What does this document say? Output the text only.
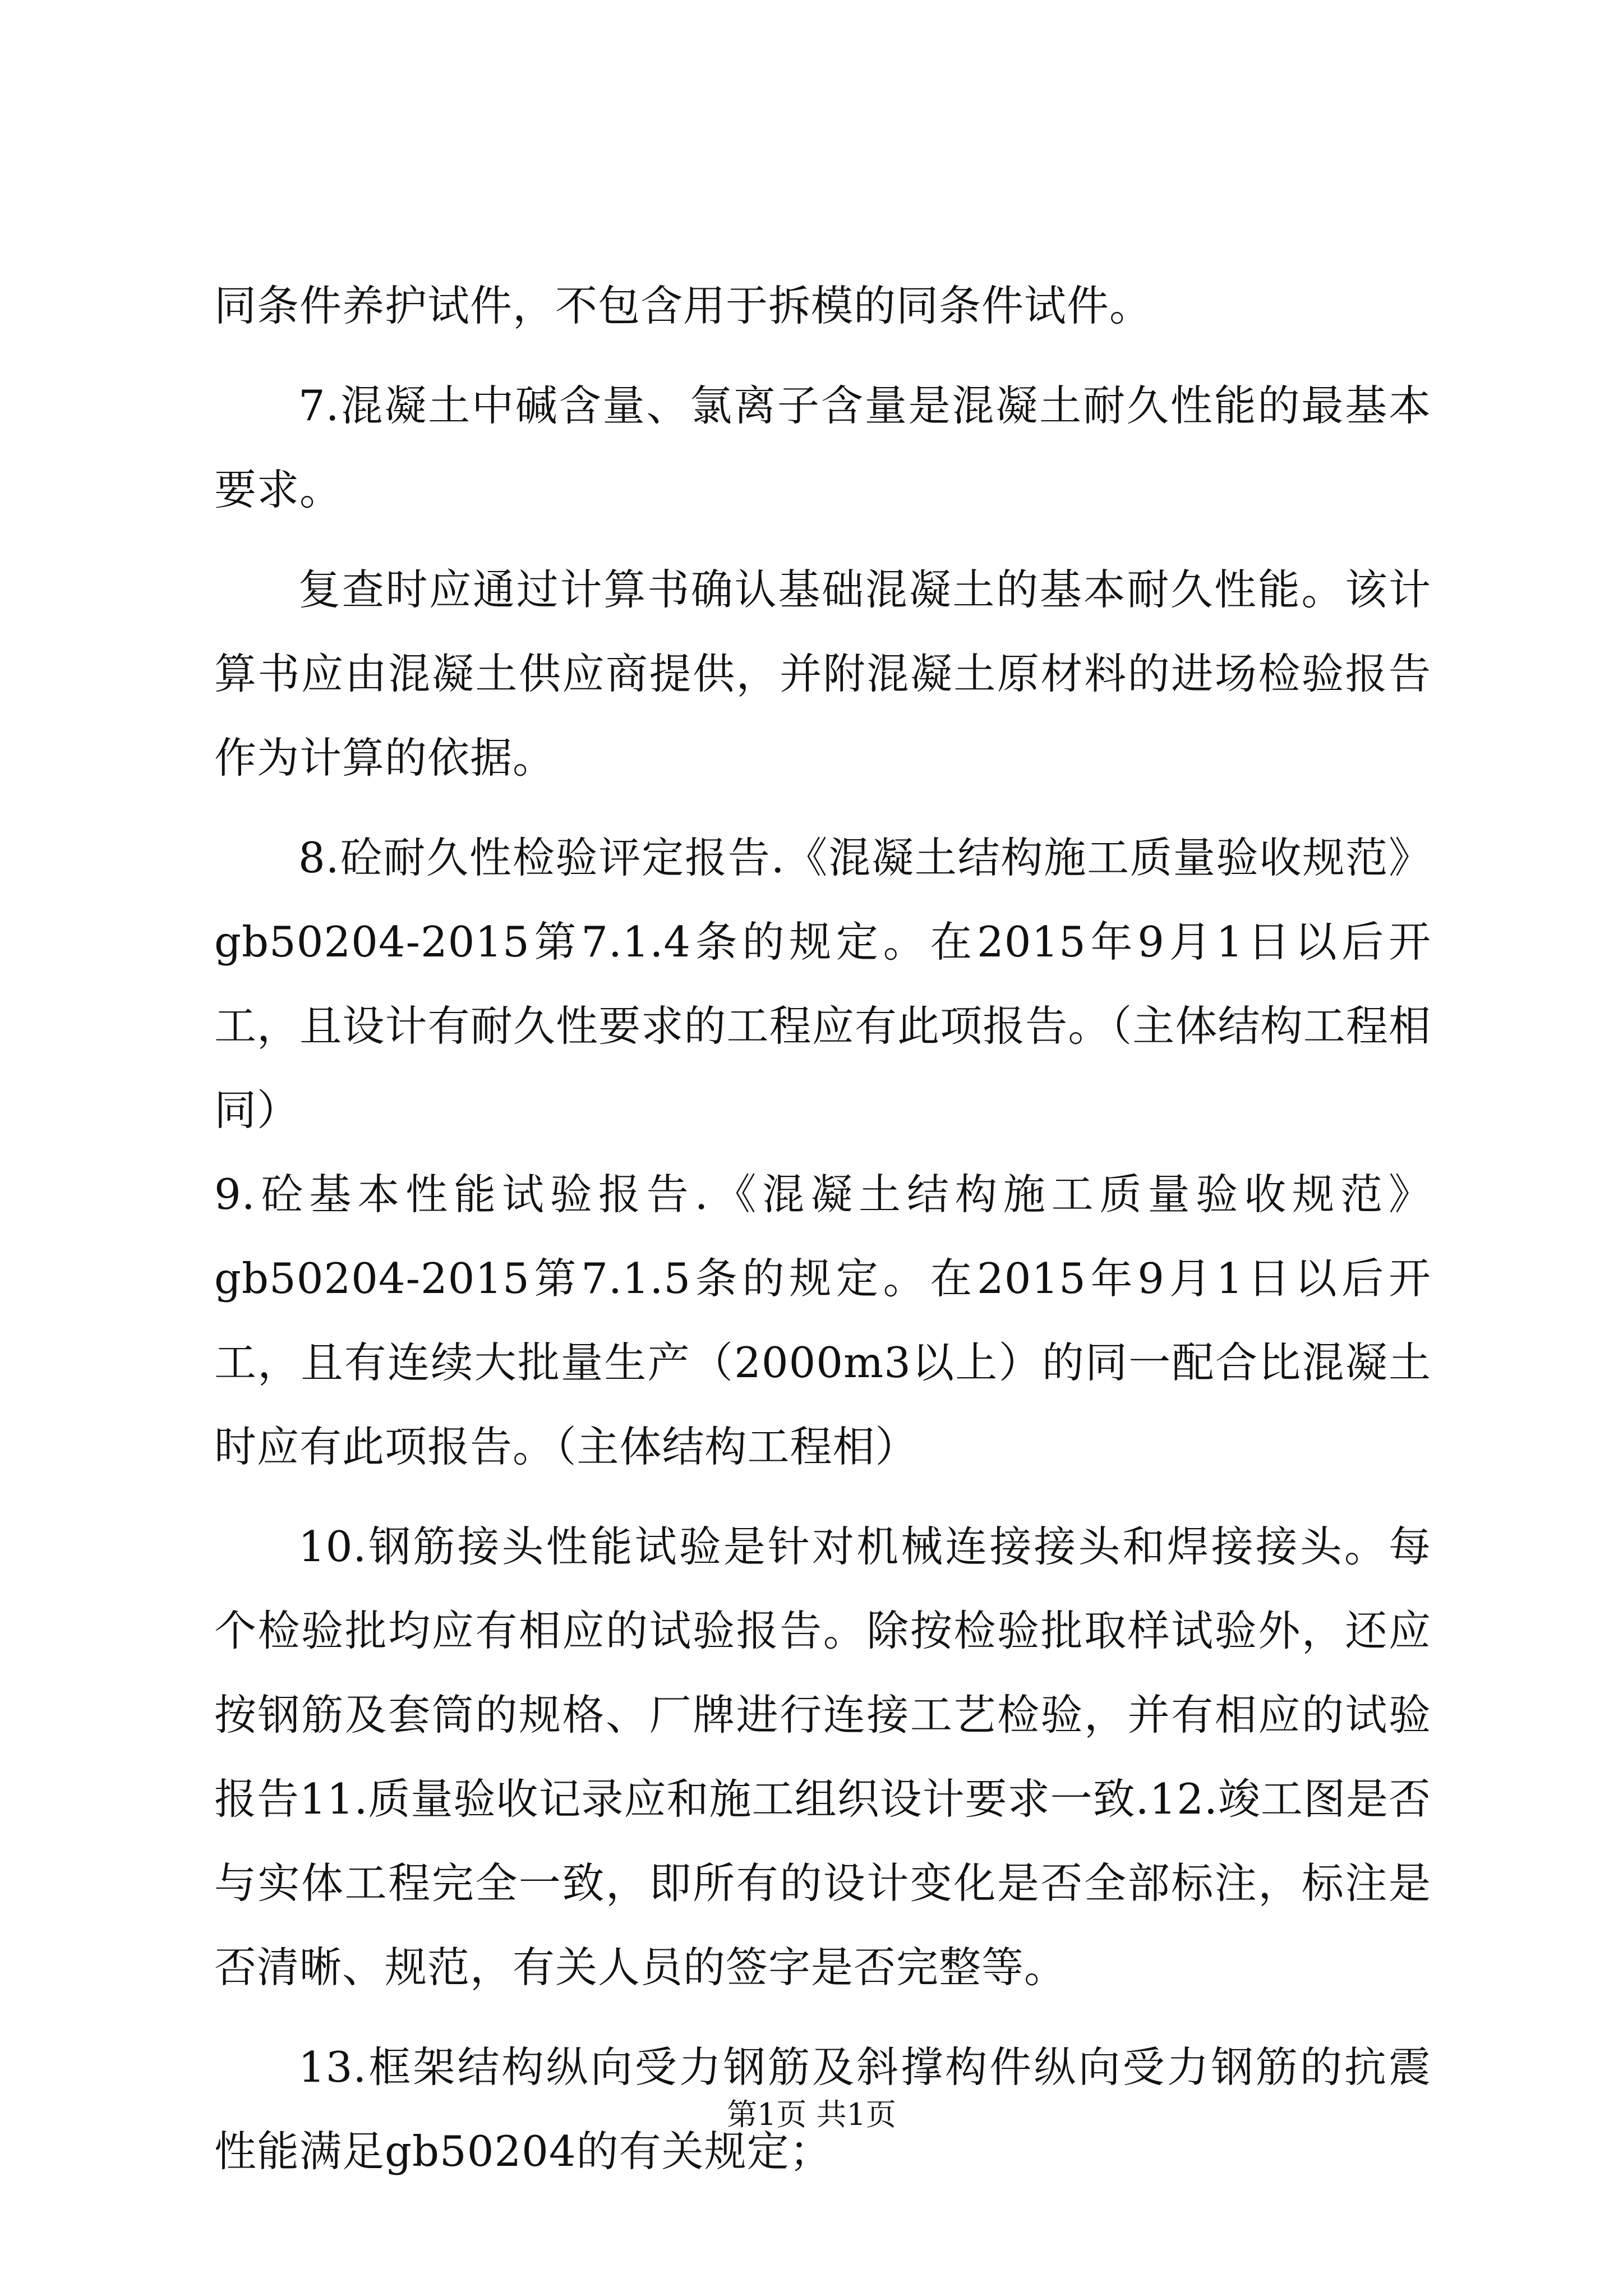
同条件养护试件，不包含用于拆模的同条件试件。

7.混凝土中碱含量、氯离子含量是混凝土耐久性能的最基本要求。

复查时应通过计算书确认基础混凝土的基本耐久性能。该计算书应由混凝土供应商提供，并附混凝土原材料的进场检验报告作为计算的依据。

8.砼耐久性检验评定报告.《混凝土结构施工质量验收规范》gb50204-2015第7.1.4条的规定。在2015年9月1日以后开工，且设计有耐久性要求的工程应有此项报告。（主体结构工程相同）

9.砼基本性能试验报告.《混凝土结构施工质量验收规范》gb50204-2015第7.1.5条的规定。在2015年9月1日以后开工，且有连续大批量生产（2000m3以上）的同一配合比混凝土时应有此项报告。（主体结构工程相）

10.钢筋接头性能试验是针对机械连接接头和焊接接头。每个检验批均应有相应的试验报告。除按检验批取样试验外，还应按钢筋及套筒的规格、厂牌进行连接工艺检验，并有相应的试验报告11.质量验收记录应和施工组织设计要求一致.12.竣工图是否与实体工程完全一致，即所有的设计变化是否全部标注，标注是否清晰、规范，有关人员的签字是否完整等。

13.框架结构纵向受力钢筋及斜撑构件纵向受力钢筋的抗震性能满足gb50204的有关规定；

第1页 共1页
